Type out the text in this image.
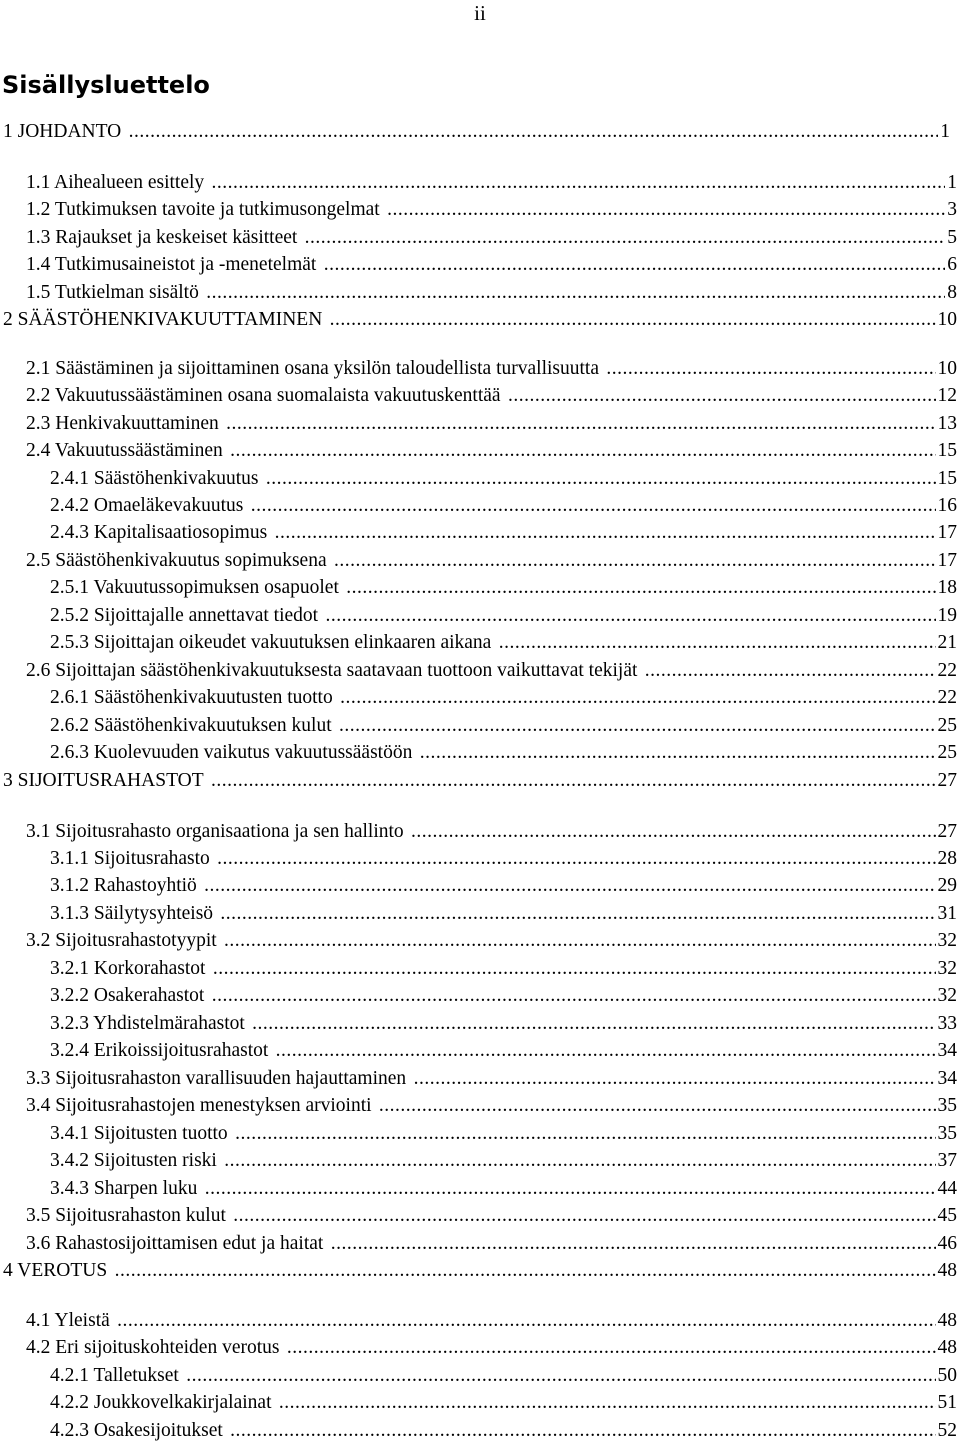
ii
Sisällysluettelo
1 JOHDANTO .....	1
1.1 Aihealueen esittely .....	1
1.2 Tutkimuksen tavoite ja tutkimusongelmat .....	3
1.3 Rajaukset ja keskeiset käsitteet .....	5
1.4 Tutkimusaineistot ja -menetelmät .....	6
1.5 Tutkielman sisältö .....	8
2 SÄÄSTÖHENKIVAKUUTTAMINEN .....	10
2.1 Säästäminen ja sijoittaminen osana yksilön taloudellista turvallisuutta .....	10
2.2 Vakuutussäästäminen osana suomalaista vakuutuskenttää .....	12
2.3 Henkivakuuttaminen .....	13
2.4 Vakuutussäästäminen .....	15
2.4.1 Säästöhenkivakuutus .....	15
2.4.2 Omaeläkevakuutus .....	16
2.4.3 Kapitalisaatiosopimus .....	17
2.5 Säästöhenkivakuutus sopimuksena .....	17
2.5.1 Vakuutussopimuksen osapuolet .....	18
2.5.2 Sijoittajalle annettavat tiedot .....	19
2.5.3 Sijoittajan oikeudet vakuutuksen elinkaaren aikana .....	21
2.6 Sijoittajan säästöhenkivakuutuksesta saatavaan tuottoon vaikuttavat tekijät .....	22
2.6.1 Säästöhenkivakuutusten tuotto .....	22
2.6.2 Säästöhenkivakuutuksen kulut .....	25
2.6.3 Kuolevuuden vaikutus vakuutussäästöön .....	25
3 SIJOITUSRAHASTOT .....	27
3.1 Sijoitusrahasto organisaationa ja sen hallinto .....	27
3.1.1 Sijoitusrahasto .....	28
3.1.2 Rahastoyhtiö .....	29
3.1.3 Säilytysyhteisö .....	31
3.2 Sijoitusrahastotyypit .....	32
3.2.1 Korkorahastot .....	32
3.2.2 Osakerahastot .....	32
3.2.3 Yhdistelmärahastot .....	33
3.2.4 Erikoissijoitusrahastot .....	34
3.3 Sijoitusrahaston varallisuuden hajauttaminen .....	34
3.4 Sijoitusrahastojen menestyksen arviointi .....	35
3.4.1 Sijoitusten tuotto .....	35
3.4.2 Sijoitusten riski .....	37
3.4.3 Sharpen luku .....	44
3.5 Sijoitusrahaston kulut .....	45
3.6 Rahastosijoittamisen edut ja haitat .....	46
4 VEROTUS .....	48
4.1 Yleistä .....	48
4.2 Eri sijoituskohteiden verotus .....	48
4.2.1 Talletukset .....	50
4.2.2 Joukkovelkakirjalainat .....	51
4.2.3 Osakesijoitukset .....	52
